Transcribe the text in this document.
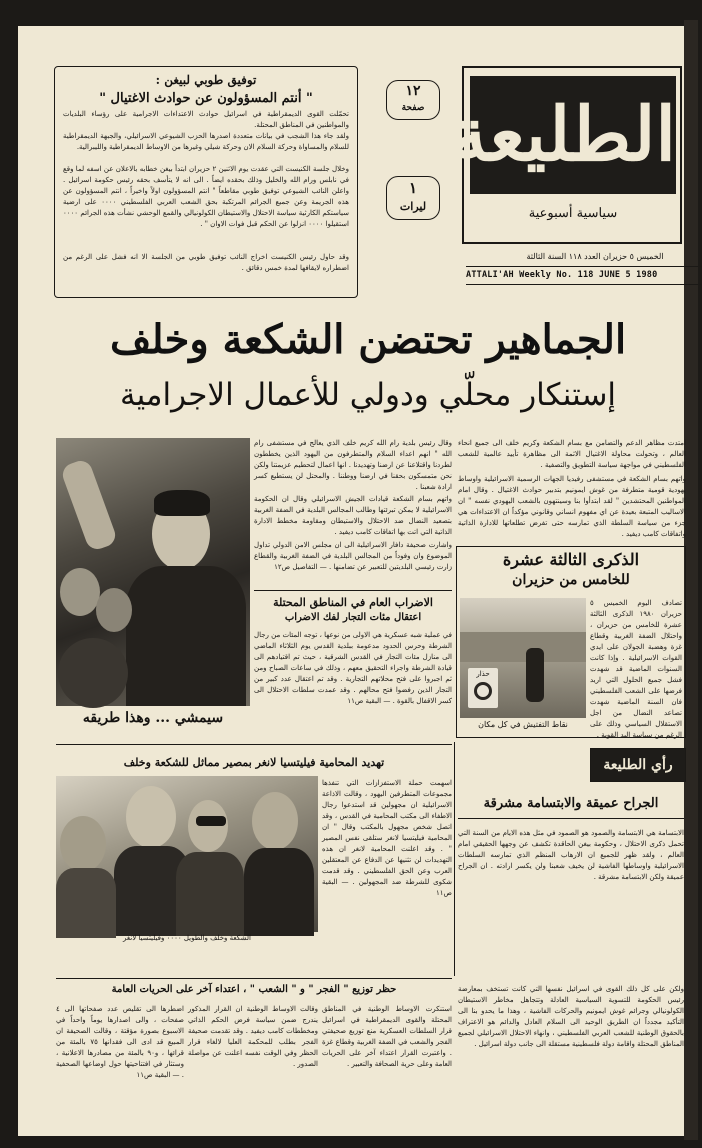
توفيق طوبي لبيغن :
" أنتم المسؤولون عن حوادث الاغتيال "
تحمّلت القوى الديمقراطية في اسرائيل حوادث الاعتداءات الاجرامية على رؤساء البلديات والمواطنين في المناطق المحتلة.
ولقد جاء هذا الشجب في بيانات متعددة اصدرها الحزب الشيوعي الاسرائيلي، والجبهة الديمقراطية للسلام والمساواة وحركة السلام الان وحركة شيلي وغيرها من الاوساط الديمقراطية والليبرالية.
وخلال جلسة الكنيست التي عقدت يوم الاثنين ٢ حزيران ابتدأ بيغن خطابه بالاعلان عن اسفه لما وقع في نابلس ورام الله والخليل وذلك بحقده ايضاً . الى انه لا يتأسف بحقه رئيس حكومة اسرائيل . واعلن النائب الشيوعي توفيق طوبي مقاطعاً " انتم المسؤولون اولاً واخيراً ، انتم المسؤولون عن هذه الجريمة وعن جميع الجرائم المرتكبة بحق الشعب العربي الفلسطيني ٠٠٠٠ على ارضية سياستكم الكارثية سياسة الاحتلال والاستيطان الكولونيالي والقمع الوحشي نشأت هذه الجرائم ٠٠٠٠ استقيلوا ٠٠٠٠ انزلوا عن الحكم قبل فوات الاوان " .
وقد حاول رئيس الكنيست اخراج النائب توفيق طوبي من الجلسة الا انه فشل على الرغم من اضطراره لايقافها لمدة خمس دقائق .
١٢
صفحة
١
ليرات
الطليعة
سياسية أسبوعية
الخميس ٥ حزيران العدد ١١٨ السنة الثالثة
ATTALI'AH Weekly No. 118 JUNE 5 1980
الجماهير تحتضن الشكعة وخلف
إستنكار محلّي ودولي للأعمال الاجرامية
امتدت مظاهر الدعم والتضامن مع بسام الشكعة وكريم خلف الى جميع انحاء العالم ، وتحولت محاولة الاغتيال الاثمة الى مظاهرة تأييد عالمية للشعب الفلسطيني في مواجهة سياسة التطويق والتصفية .
واتهم بسام الشكعة في مستشفى رفيديا الجهات الرسمية الاسرائيلية واوساط يهودية قومية متطرفة من غوش ايمونيم بتدبير حوادث الاغتيال . وقال امام المواطنين المحتشدين " لقد ابتدأوا بنا وسينتهون بالشعب اليهودي نفسه " ان الاساليب المتبعة بعيدة عن اي مفهوم انساني وقانوني مؤكداً ان الاعتداءات هي جزء من سياسة السلطة الذي تمارسه حتى تفرض تطلعاتها للادارة الذاتية واتفاقات كامب ديفيد .
وقال رئيس بلدية رام الله كريم خلف الذي يعالج في مستشفى رام الله " انهم اعداء السلام والمتطرفون من اليهود الذين يخططون لطردنا واقتلاعنا عن ارضنا وتهديدنا . انها اعمال لتحطيم عزيمتنا ولكن نحن متمسكون بحقنا في ارضنا ووطننا . والمحتل لن يستطيع كسر ارادة شعبنا .
واتهم بسام الشكعة قيادات الجيش الاسرائيلي وقال ان الحكومة الاسرائيلية لا يمكن تبرئتها وطالب المجالس البلدية في الضفة الغربية بتصعيد النضال ضد الاحتلال والاستيطان ومقاومة مخطط الادارة الذاتية التي اتت بها اتفاقات كامب ديفيد .
واشارت صحيفة دافار الاسرائيلية الى ان مجلس الامن الدولي تداول الموضوع وان وفوداً من المجالس البلدية في الضفة الغربية والقطاع زارت رئيسي البلديتين للتعبير عن تضامنها . — التفاصيل ص١٢
سيمشي ... وهذا طريقه
الاضراب العام في المناطق المحتلة
اعتقال مئات التجار لفك الاضراب
في عملية شبه عسكرية هي الاولى من نوعها ، توجه المئات من رجال الشرطة وحرس الحدود مدعومة ببلدية القدس يوم الثلاثاء الماضي الى منازل مئات التجار في القدس الشرقية ، حيث تم اقتيادهم الى قيادة الشرطة واجراء التحقيق معهم ، وذلك في ساعات الصباح ومن ثم اجبروا على فتح محلاتهم التجارية . وقد تم اعتقال عدد كبير من التجار الذين رفضوا فتح محالهم . وقد عمدت سلطات الاحتلال الى كسر الاقفال بالقوة . — البقية ص١١
الذكرى الثالثة عشرة
للخامس من حزيران
حذار
نقاط التفتيش في كل مكان
تصادف اليوم الخميس ٥ حزيران ١٩٨٠ الذكرى الثالثة عشرة للخامس من حزيران ، واحتلال الضفة الغربية وقطاع غزة وهضبة الجولان على ايدي القوات الاسرائيلية . وإذا كانت السنوات الماضية قد شهدت فشل جميع الحلول التي اريد فرضها على الشعب الفلسطيني فان السنة الماضية شهدت تصاعد النضال من اجل الاستقلال السياسي وذلك على الرغم من سياسة اليد القوية .
تهديد المحامية فيليتسيا لانغر بمصير مماثل للشكعة وخلف
الشكعة وخلف والطويل ٠٠٠٠ وفيليتسيا لانغر
اسهمت حملة الاستفزازات التي تنفذها مجموعات المتطرفين اليهود ، وقالت الاذاعة الاسرائيلية ان مجهولين قد استدعوا رجال الاطفاء الى مكتب المحامية في القدس ، وقد اتصل شخص مجهول بالمكتب وقال " ان المحامية فيليتسيا لانغر ستلقى نفس المصير " . وقد اعلنت المحامية لانغر ان هذه التهديدات لن تثنيها عن الدفاع عن المعتقلين العرب وعن الحق الفلسطيني . وقد قدمت شكوى للشرطة ضد المجهولين . — البقية ص١١
رأي الطليعة
الجراح عميقة والابتسامة مشرقة
الابتسامة هي الابتسامة والصمود هو الصمود في مثل هذه الايام من السنة التي تحمل ذكرى الاحتلال ، وحكومة بيغن الحاقدة تكشف عن وجهها الحقيقي امام العالم ، ولقد ظهر للجميع ان الارهاب المنظم الذي تمارسه السلطات الاسرائيلية واوساطها الفاشية لن يخيف شعبنا ولن يكسر ارادته . ان الجراح عميقة ولكن الابتسامة مشرقة .
حظر توزيع " الفجر " و " الشعب " ، اعتداء آخر على الحريات العامة
استنكرت الاوساط الوطنية في المناطق المحتلة والقوى الديمقراطية في اسرائيل قرار السلطات العسكرية منع توزيع صحيفتي الفجر والشعب في الضفة الغربية وقطاع غزة . واعتبرت القرار اعتداء آخر على الحريات العامة وعلى حرية الصحافة والتعبير .
وقالت الاوساط الوطنية ان القرار المذكور يندرج ضمن سياسة فرض الحكم الذاتي ومخططات كامب ديفيد . وقد تقدمت صحيفة الفجر بطلب للمحكمة العليا لالغاء قرار الحظر وفي الوقت نفسه اعلنت عن مواصلة الصدور .
اضطرها الى تقليص عدد صفحاتها الى ٤ صفحات ، والى اصدارها يوماً واحداً في الاسبوع بصورة مؤقتة ، وقالت الصحيفة ان المبيع قد ادى الى فقدانها ٧٥ بالمئة من قرائها ، و٩٠ بالمئة من مصادرها الاعلانية ، وستثار في افتتاحيتها حول اوضاعها الصحفية . — البقية ص١١
ولكن على كل ذلك القوى في اسرائيل نفسها التي كانت تستخف بمعارضة رئيس الحكومة للتسوية السياسية العادلة وتتجاهل مخاطر الاستيطان الكولونيالي وجرائم غوش ايمونيم والحركات الفاشية ، وهذا ما يحدو بنا الى التأكيد مجدداً ان الطريق الوحيد الى السلام العادل والدائم هو الاعتراف بالحقوق الوطنية للشعب العربي الفلسطيني ، وانهاء الاحتلال الاسرائيلي لجميع المناطق المحتلة واقامة دولة فلسطينية مستقلة الى جانب دولة اسرائيل .
